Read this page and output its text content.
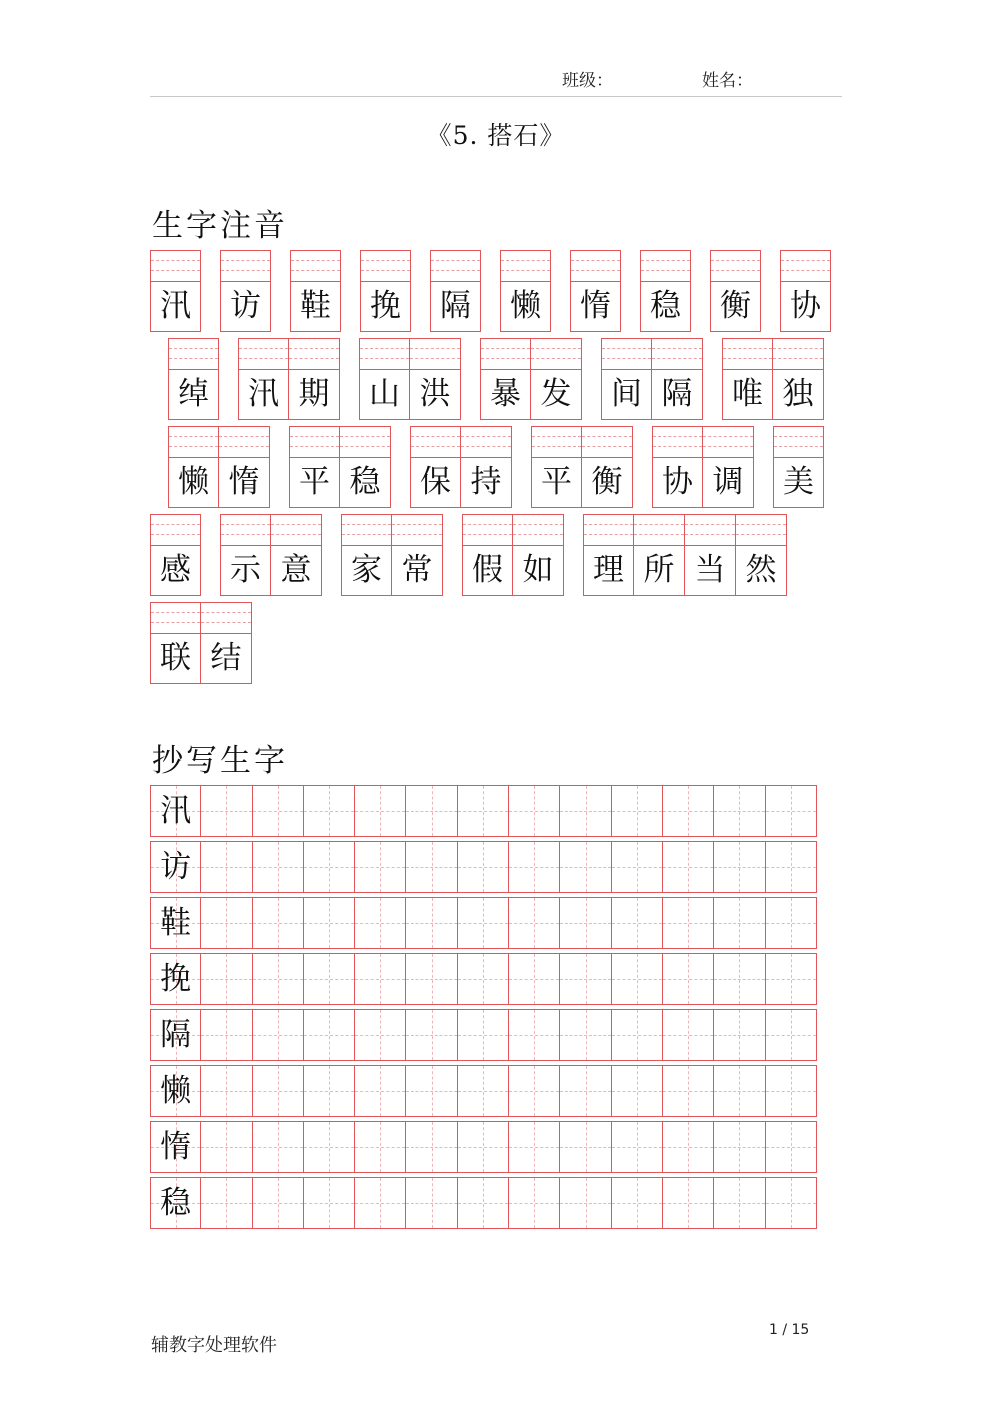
班级：	姓名：
《5. 搭石》
生字注音
汛 访 鞋 挽 隔 懒 惰 稳 衡 协
绰 汛 期	山 洪	暴 发	间 隔	唯 独
懒 惰	平 稳	保 持	平 衡	协 调	美
感 示 意	家 常	假 如	理 所 当 然
联 结
抄写生字
汛
访
鞋
挽
隔
懒
惰
稳
辅教字处理软件
1 / 15
